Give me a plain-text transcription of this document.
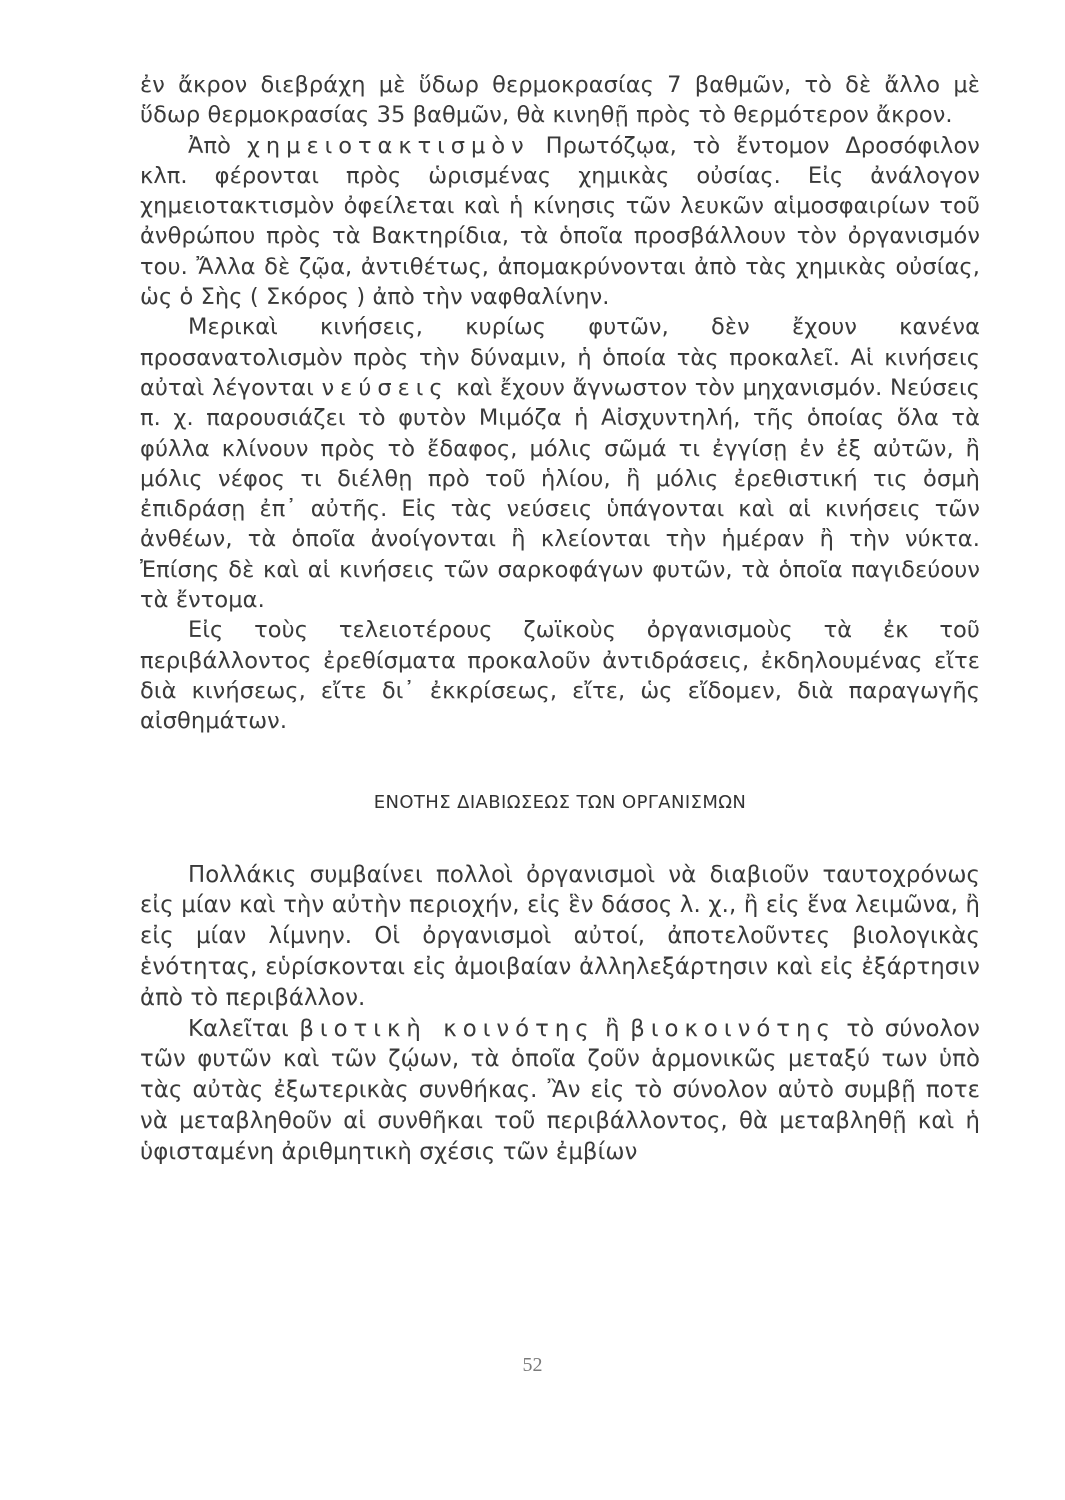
ἐν ἄκρον διεβράχη μὲ ὕδωρ θερμοκρασίας 7 βαθμῶν, τὸ δὲ ἄλλο μὲ ὕδωρ θερμοκρασίας 35 βαθμῶν, θὰ κινηθῇ πρὸς τὸ θερμότερον ἄκρον.

Ἀπὸ χημειοτακτισμὸν Πρωτόζῳα, τὸ ἔντομον Δροσόφιλον κλπ. φέρονται πρὸς ὡρισμένας χημικὰς οὐσίας. Εἰς ἀνάλογον χημειοτακτισμὸν ὀφείλεται καὶ ἡ κίνησις τῶν λευκῶν αἱμοσφαιρίων τοῦ ἀνθρώπου πρὸς τὰ Βακτηρίδια, τὰ ὁποῖα προσβάλλουν τὸν ὀργανισμόν του. Ἄλλα δὲ ζῷα, ἀντιθέτως, ἀπομακρύνονται ἀπὸ τὰς χημικὰς οὐσίας, ὡς ὁ Σὴς ( Σκόρος ) ἀπὸ τὴν ναφθαλίνην.

Μερικαὶ κινήσεις, κυρίως φυτῶν, δὲν ἔχουν κανένα προσανατολισμὸν πρὸς τὴν δύναμιν, ἡ ὁποία τὰς προκαλεῖ. Αἱ κινήσεις αὐταὶ λέγονται νεύσεις καὶ ἔχουν ἄγνωστον τὸν μηχανισμόν. Νεύσεις π. χ. παρουσιάζει τὸ φυτὸν Μιμόζα ἡ Αἰσχυντηλή, τῆς ὁποίας ὅλα τὰ φύλλα κλίνουν πρὸς τὸ ἔδαφος, μόλις σῶμά τι ἐγγίσῃ ἐν ἐξ αὐτῶν, ἢ μόλις νέφος τι διέλθῃ πρὸ τοῦ ἡλίου, ἢ μόλις ἐρεθιστική τις ὀσμὴ ἐπιδράσῃ ἐπ᾽ αὐτῆς. Εἰς τὰς νεύσεις ὑπάγονται καὶ αἱ κινήσεις τῶν ἀνθέων, τὰ ὁποῖα ἀνοίγονται ἢ κλείονται τὴν ἡμέραν ἢ τὴν νύκτα. Ἐπίσης δὲ καὶ αἱ κινήσεις τῶν σαρκοφάγων φυτῶν, τὰ ὁποῖα παγιδεύουν τὰ ἔντομα.

Εἰς τοὺς τελειοτέρους ζωϊκοὺς ὀργανισμοὺς τὰ ἐκ τοῦ περιβάλλοντος ἐρεθίσματα προκαλοῦν ἀντιδράσεις, ἐκδηλουμένας εἴτε διὰ κινήσεως, εἴτε δι᾽ ἐκκρίσεως, εἴτε, ὡς εἴδομεν, διὰ παραγωγῆς αἰσθημάτων.

ΕΝΟΤΗΣ ΔΙΑΒΙΩΣΕΩΣ ΤΩΝ ΟΡΓΑΝΙΣΜΩΝ

Πολλάκις συμβαίνει πολλοὶ ὀργανισμοὶ νὰ διαβιοῦν ταυτοχρόνως εἰς μίαν καὶ τὴν αὐτὴν περιοχήν, εἰς ἓν δάσος λ. χ., ἢ εἰς ἕνα λειμῶνα, ἢ εἰς μίαν λίμνην. Οἱ ὀργανισμοὶ αὐτοί, ἀποτελοῦντες βιολογικὰς ἑνότητας, εὑρίσκονται εἰς ἀμοιβαίαν ἀλληλεξάρτησιν καὶ εἰς ἐξάρτησιν ἀπὸ τὸ περιβάλλον.

Καλεῖται βιοτικὴ κοινότης ἢ βιοκοινότης τὸ σύνολον τῶν φυτῶν καὶ τῶν ζῴων, τὰ ὁποῖα ζοῦν ἁρμονικῶς μεταξύ των ὑπὸ τὰς αὐτὰς ἐξωτερικὰς συνθήκας. Ἂν εἰς τὸ σύνολον αὐτὸ συμβῇ ποτε νὰ μεταβληθοῦν αἱ συνθῆκαι τοῦ περιβάλλοντος, θὰ μεταβληθῇ καὶ ἡ ὑφισταμένη ἀριθμητικὴ σχέσις τῶν ἐμβίων

52
